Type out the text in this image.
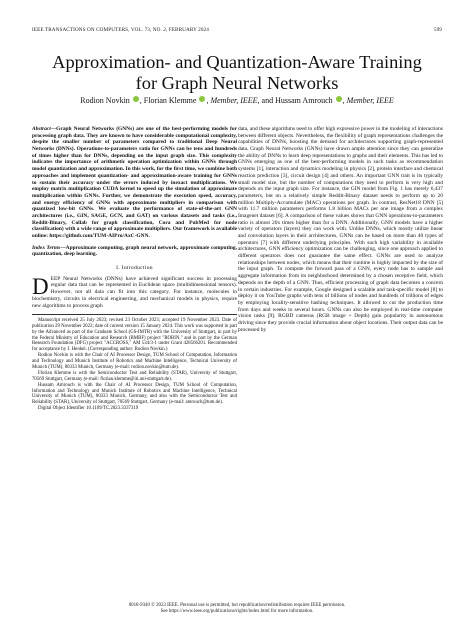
IEEE TRANSACTIONS ON COMPUTERS, VOL. 73, NO. 2, FEBRUARY 2024	599
Approximation- and Quantization-Aware Training
for Graph Neural Networks
Rodion Novkin , Florian Klemme , Member, IEEE, and Hussam Amrouch , Member, IEEE

Abstract—Graph Neural Networks (GNNs) are one of the best-performing models for processing graph data. They are known to have considerable computational complexity, despite the smaller number of parameters compared to traditional Deep Neural Networks (DNNs). Operations-to-parameters ratio for GNNs can be tens and hundreds of times higher than for DNNs, depending on the input graph size. This complexity indicates the importance of arithmetic operation optimization within GNNs through model quantization and approximation. In this work, for the first time, we combine both approaches and implement quantization- and approximation-aware training for GNNs to sustain their accuracy under the errors induced by inexact multiplications. We employ matrix multiplication CUDA kernel to speed up the simulation of approximate multiplication within GNNs. Further, we demonstrate the execution speed, accuracy, and energy efficiency of GNNs with approximate multipliers in comparison with quantized low-bit GNNs. We evaluate the performance of state-of-the-art GNN architectures (i.e., GIN, SAGE, GCN, and GAT) on various datasets and tasks (i.e., Reddit-Binary, Collab for graph classification, Cora and PubMed for node classification) with a wide range of approximate multipliers. Our framework is available online: https://github.com/TUM-AIPro/AxC-GNN.

Index Terms—Approximate computing, graph neural network, approximate computing, quantization, deep learning.

I. Introduction

DEEP Neural Networks (DNNs) have achieved significant success in processing regular data that can be represented in Euclidean space (multidimensional tensors). However, not all data can fit into this category. For instance, molecules in biochemistry, circuits in electrical engineering, and mechanical models in physics, require new algorithms to process graph

Manuscript received 25 July 2023; revised 23 October 2023; accepted 19 November 2023. Date of publication 29 November 2023; date of current version 15 January 2024. This work was supported in part by the Advanced as part of the Graduate School (GS-IMTR) with the University of Stuttgart, in part by the Federal Ministry of Education and Research (BMBF) project "ROBIN," and in part by the German Research Foundation (DFG) project "ACCROSS," AM 534/3-1 under Grant 428566201. Recommended for acceptance by J. Henkel. (Corresponding author: Rodion Novkin.)

Rodion Novkin is with the Chair of AI Processor Design, TUM School of Computation, Information and Technology and Munich Institute of Robotics and Machine Intelligence, Technical University of Munich (TUM), 80333 Munich, Germany (e-mail: rodion.novkin@tum.de).

Florian Klemme is with the Semiconductor Test and Reliability (STAR), University of Stuttgart, 70569 Stuttgart, Germany (e-mail: florian.klemme@iti.uni-stuttgart.de).

Hussam Amrouch is with the Chair of AI Processor Design, TUM School of Computation, Information and Technology and Munich Institute of Robotics and Machine Intelligence, Technical University of Munich (TUM), 80333 Munich, Germany, and also with the Semiconductor Test and Reliability (STAR), University of Stuttgart, 70569 Stuttgart, Germany (e-mail: amrouch@tum.de).

Digital Object Identifier 10.1109/TC.2023.3337319

data, and these algorithms need to offer high expressive power in the modeling of interactions between different objects. Nevertheless, the flexibility of graph representations challenges the capabilities of DNNs, boosting the demand for architectures supporting graph-represented data. Graph Neural Networks (GNNs) have drawn ample attention since they can generalize the ability of DNNs to learn deep representations to graphs and their elements. This has led to GNNs emerging as one of the best-performing models in such tasks as recommendation systems [1], interaction and dynamics modeling in physics [2], protein interface and chemical reaction prediction [3], circuit design [4] and others. An important GNN trait is its typically small model size, but the number of computations they need to perform is very high and depends on the input graph size. For instance, the GIN model from Fig. 1 has merely 6,437 parameters, but on a relatively simple Reddit-Binary dataset needs to perform up to 20 million Multiply-Accumulate (MAC) operations per graph. In contrast, ResNet18 DNN [5] with 11.7 million parameters performs 1.8 billion MACs per one image from a complex Imagenet dataset [6]. A comparison of these values shows that GNN operations-to-parameters ratio is almost 20x times higher than for a DNN. Additionally, GNN models have a higher variety of operators (layers) they can work with. Unlike DNNs, which mostly utilize linear and convolution layers in their architectures, GNNs can be based on more than 40 types of operators [7] with different underlying principles. With such high variability in available architectures, GNN efficiency optimization can be challenging, since one approach applied to different operators does not guarantee the same effect. GNNs are used to analyze relationships between nodes, which means that their runtime is highly impacted by the size of the input graph. To compute the forward pass of a GNN, every node has to sample and aggregate information from its neighborhood determined by a chosen receptive field, which depends on the depth of a GNN. Thus, efficient processing of graph data becomes a concern in certain industries. For example, Google designed a scalable and task-specific model [8] to deploy it on YouTube graphs with tens of billions of nodes and hundreds of trillions of edges by employing locality-sensitive hashing techniques. It allowed to cut the production time from days and weeks to several hours. GNNs can also be employed in real-time computer vision tasks [9]. RGBD cameras (RGB image + Depth) gain popularity in autonomous driving since they provide crucial information about object locations. Their output data can be processed by

0018-9340 © 2023 IEEE. Personal use is permitted, but republication/redistribution requires IEEE permission.
See https://www.ieee.org/publications/rights/index.html for more information.
